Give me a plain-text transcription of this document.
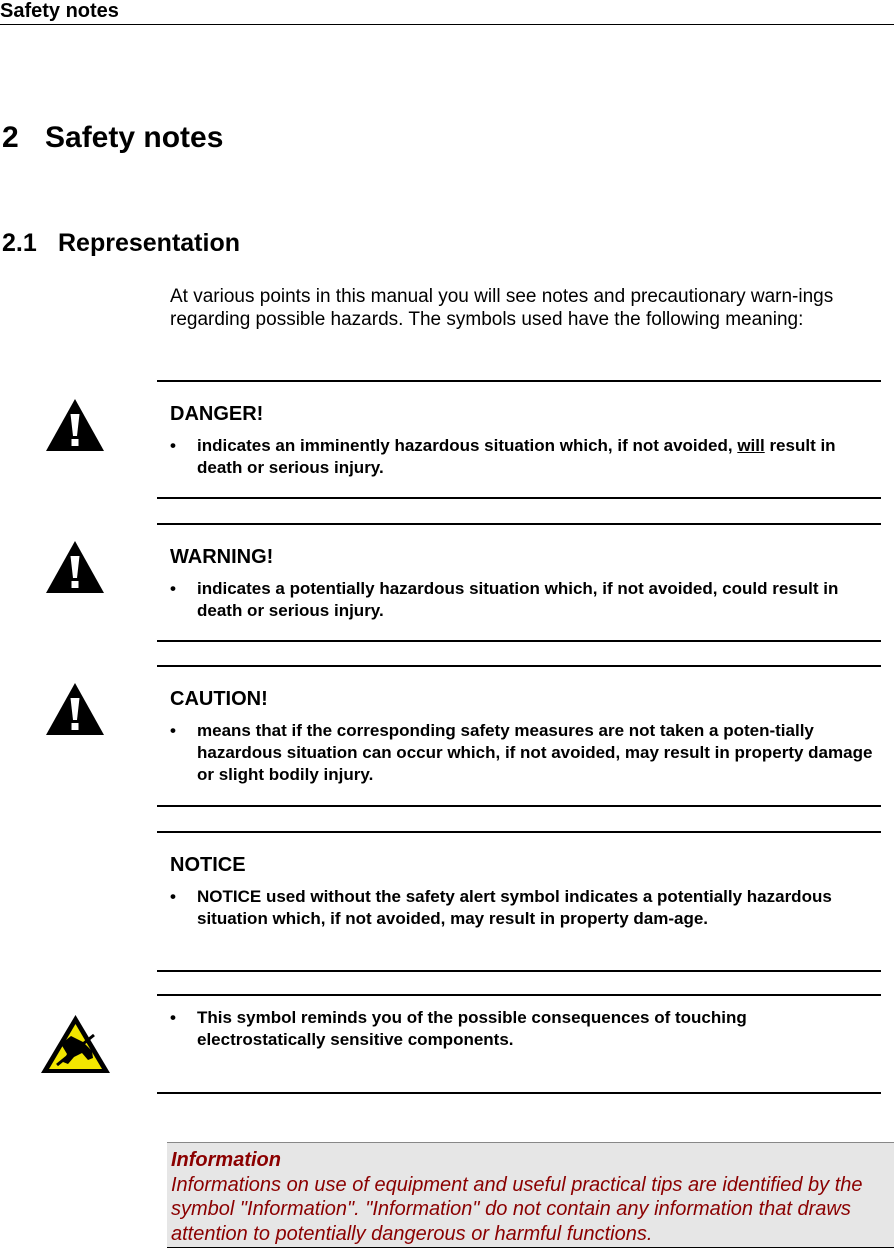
Safety notes
2 Safety notes
2.1 Representation

At various points in this manual you will see notes and precautionary warn-ings regarding possible hazards. The symbols used have the following meaning:

DANGER!
• indicates an imminently hazardous situation which, if not avoided, will result in death or serious injury.
WARNING!
• indicates a potentially hazardous situation which, if not avoided, could result in death or serious injury.
CAUTION!
• means that if the corresponding safety measures are not taken a poten-tially hazardous situation can occur which, if not avoided, may result in property damage or slight bodily injury.
NOTICE
• NOTICE used without the safety alert symbol indicates a potentially hazardous situation which, if not avoided, may result in property dam-age.
• This symbol reminds you of the possible consequences of touching electrostatically sensitive components.
Information
Informations on use of equipment and useful practical tips are identified by the symbol "Information". "Information" do not contain any information that draws attention to potentially dangerous or harmful functions.
